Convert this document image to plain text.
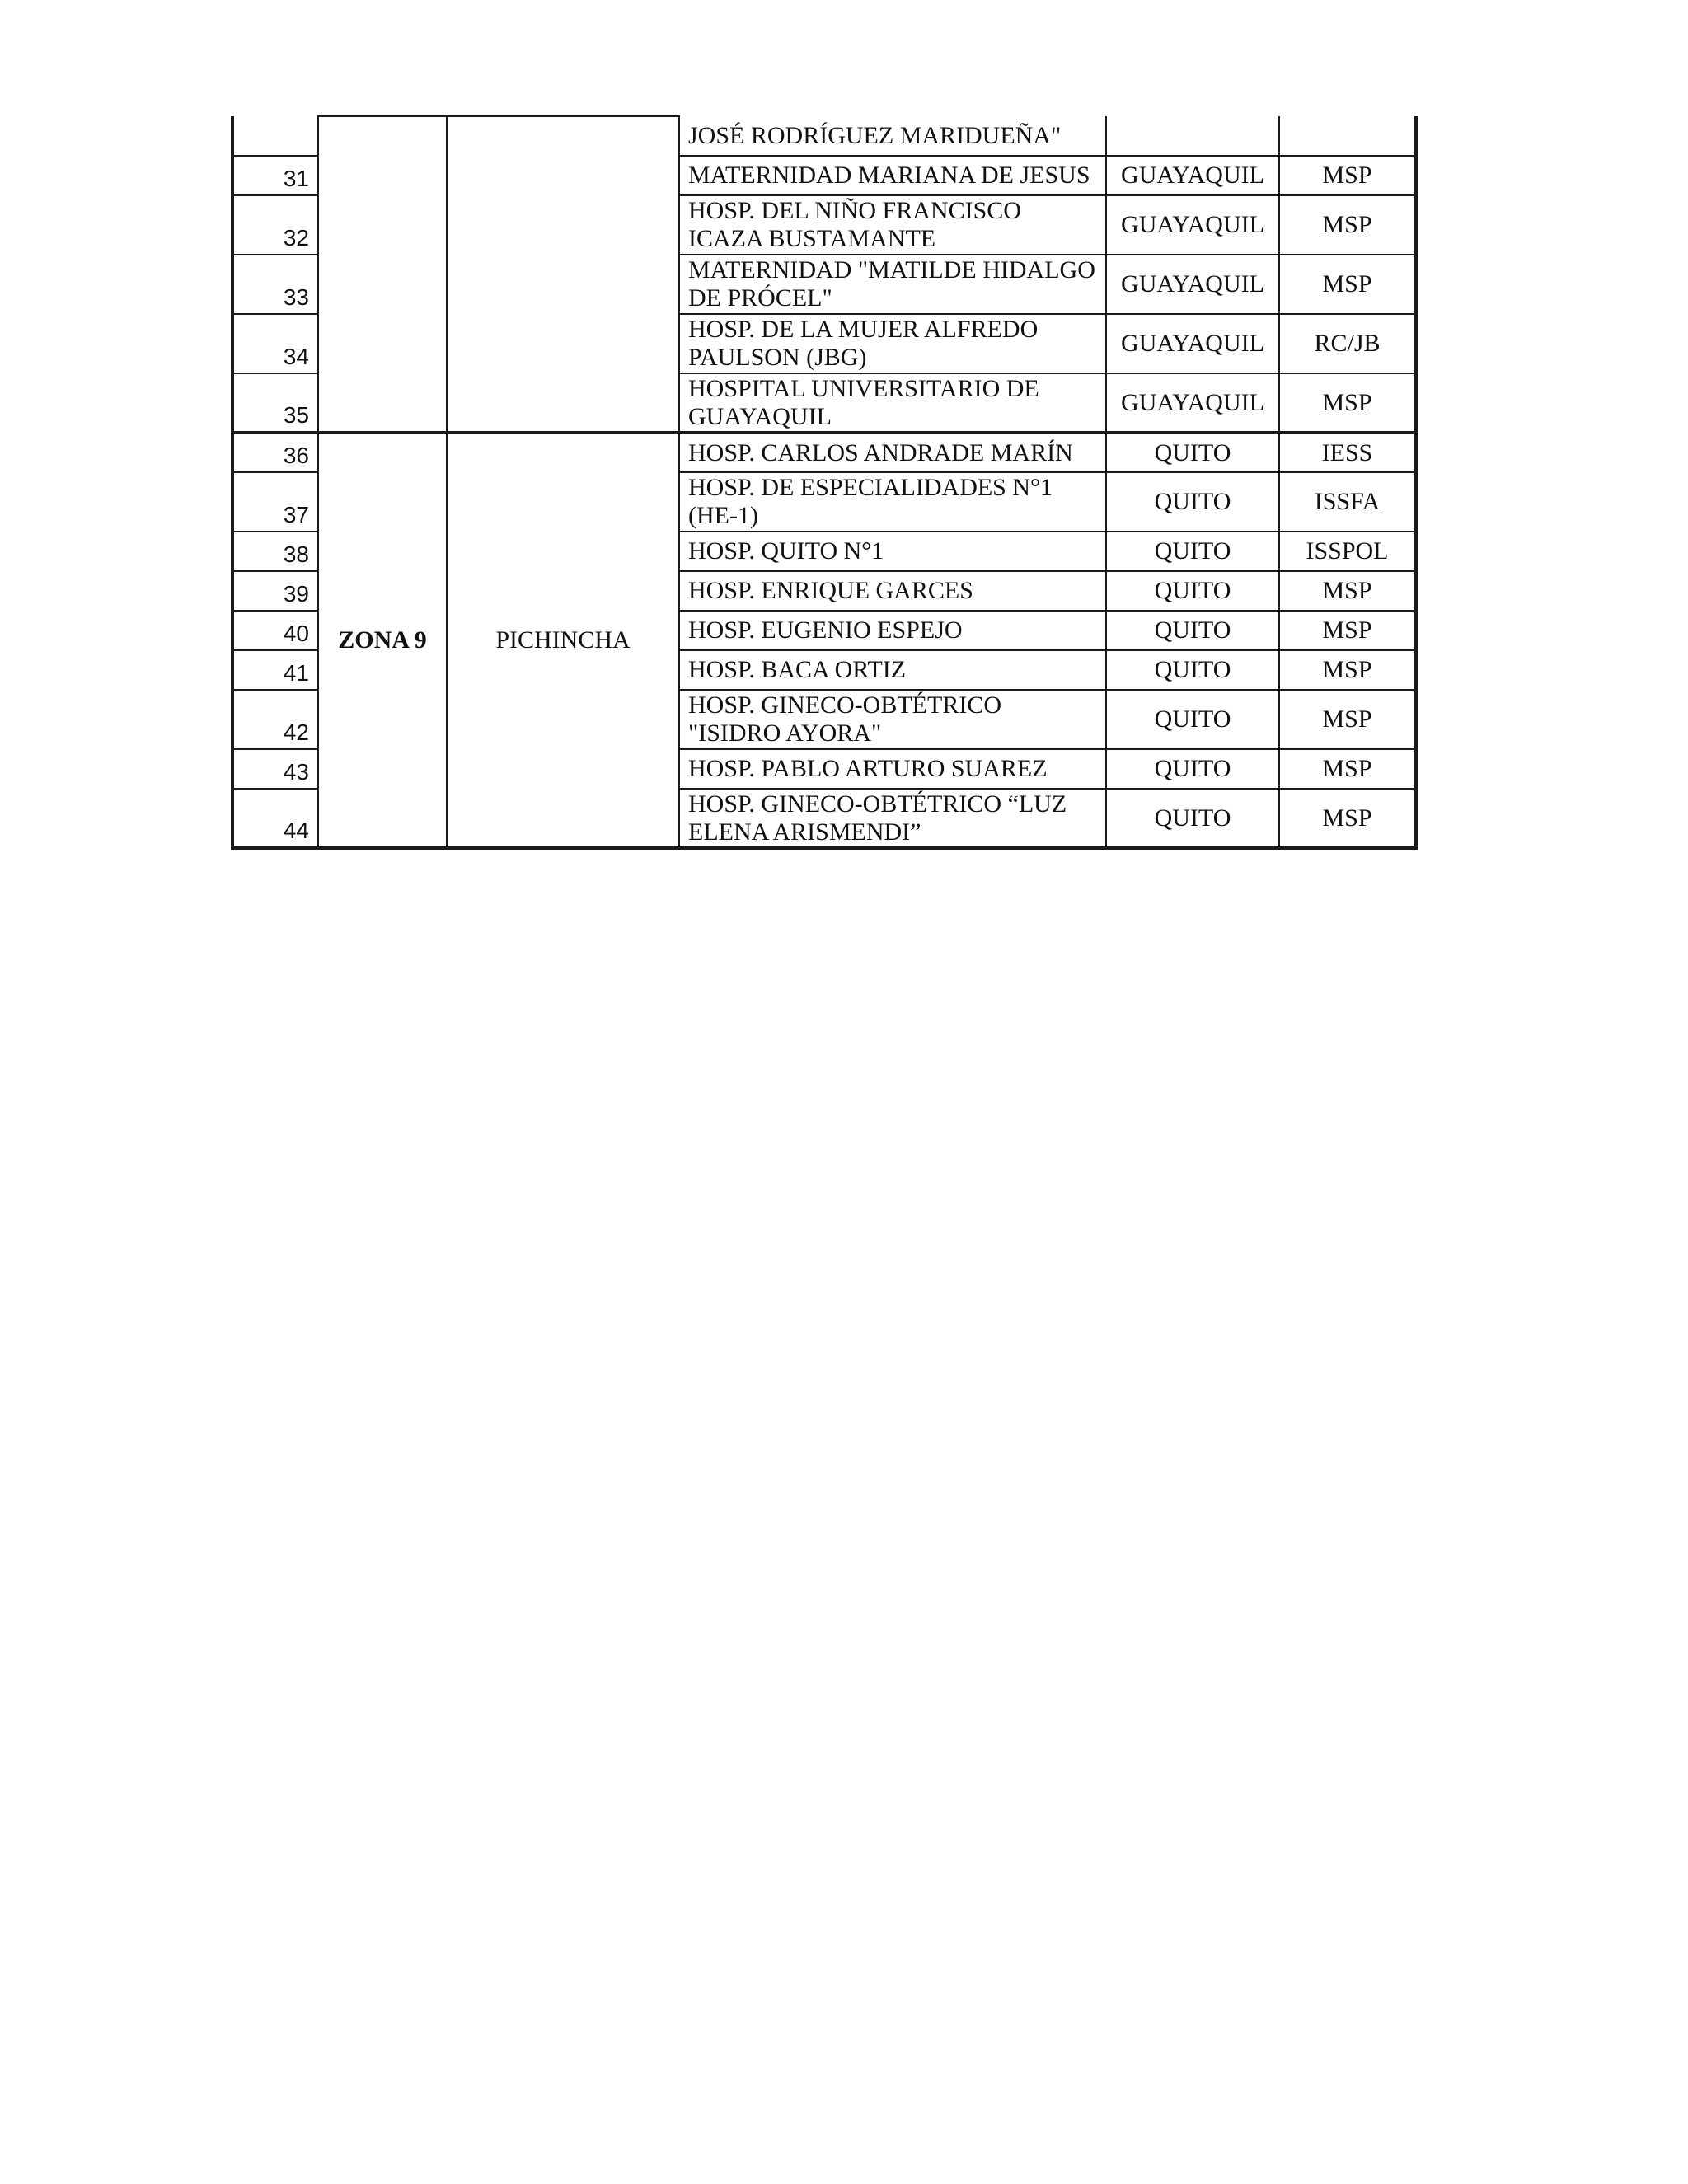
			JOSÉ RODRÍGUEZ MARIDUEÑA"		
31			MATERNIDAD MARIANA DE JESUS	GUAYAQUIL	MSP
32			HOSP. DEL NIÑO FRANCISCO ICAZA BUSTAMANTE	GUAYAQUIL	MSP
33			MATERNIDAD "MATILDE HIDALGO DE PRÓCEL"	GUAYAQUIL	MSP
34			HOSP. DE LA MUJER ALFREDO PAULSON (JBG)	GUAYAQUIL	RC/JB
35			HOSPITAL UNIVERSITARIO DE GUAYAQUIL	GUAYAQUIL	MSP
36	ZONA 9	PICHINCHA	HOSP. CARLOS ANDRADE MARÍN	QUITO	IESS
37			HOSP. DE ESPECIALIDADES N°1 (HE-1)	QUITO	ISSFA
38			HOSP. QUITO N°1	QUITO	ISSPOL
39			HOSP. ENRIQUE GARCES	QUITO	MSP
40			HOSP. EUGENIO ESPEJO	QUITO	MSP
41			HOSP. BACA ORTIZ	QUITO	MSP
42			HOSP. GINECO-OBTÉTRICO "ISIDRO AYORA"	QUITO	MSP
43			HOSP. PABLO ARTURO SUAREZ	QUITO	MSP
44			HOSP. GINECO-OBTÉTRICO “LUZ ELENA ARISMENDI”	QUITO	MSP
